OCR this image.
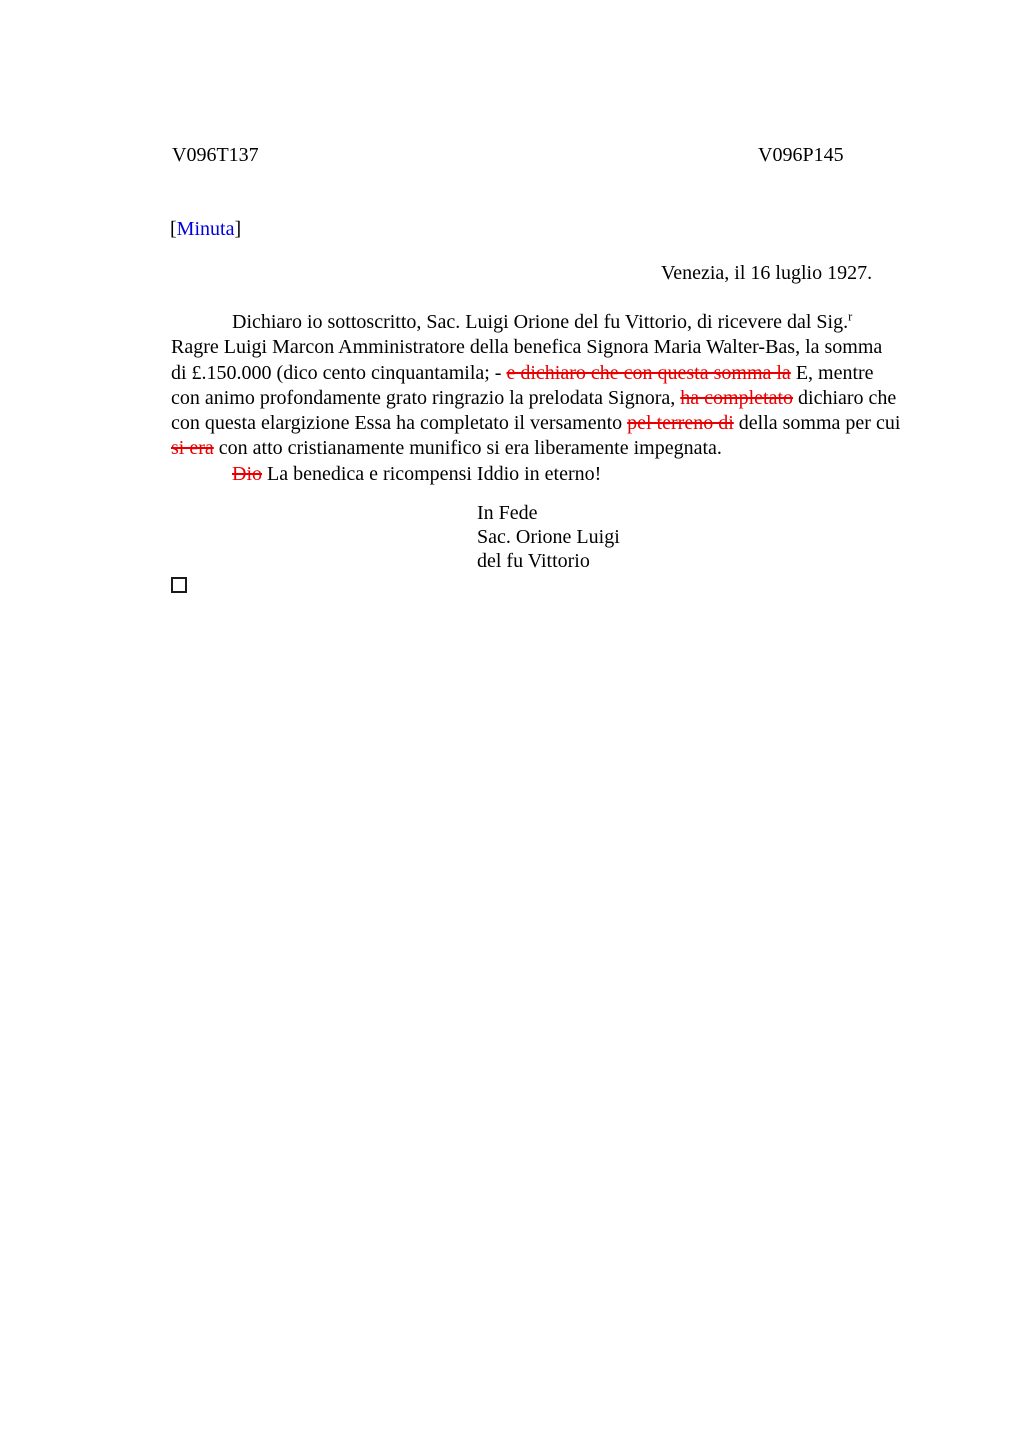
V096T137	V096P145
[Minuta]
Venezia, il 16 luglio 1927.
Dichiaro io sottoscritto, Sac. Luigi Orione del fu Vittorio, di ricevere dal Sig.$^r$
Ragre Luigi Marcon Amministratore della benefica Signora Maria Walter-Bas, la somma
di £.150.000 (dico cento cinquantamila; - e dichiaro che con questa somma la E, mentre
con animo profondamente grato ringrazio la prelodata Signora, ha completato dichiaro che
con questa elargizione Essa ha completato il versamento pel terreno di della somma per cui
si era con atto cristianamente munifico si era liberamente impegnata.
Dio La benedica e ricompensi Iddio in eterno!
In Fede
Sac. Orione Luigi
del fu Vittorio
